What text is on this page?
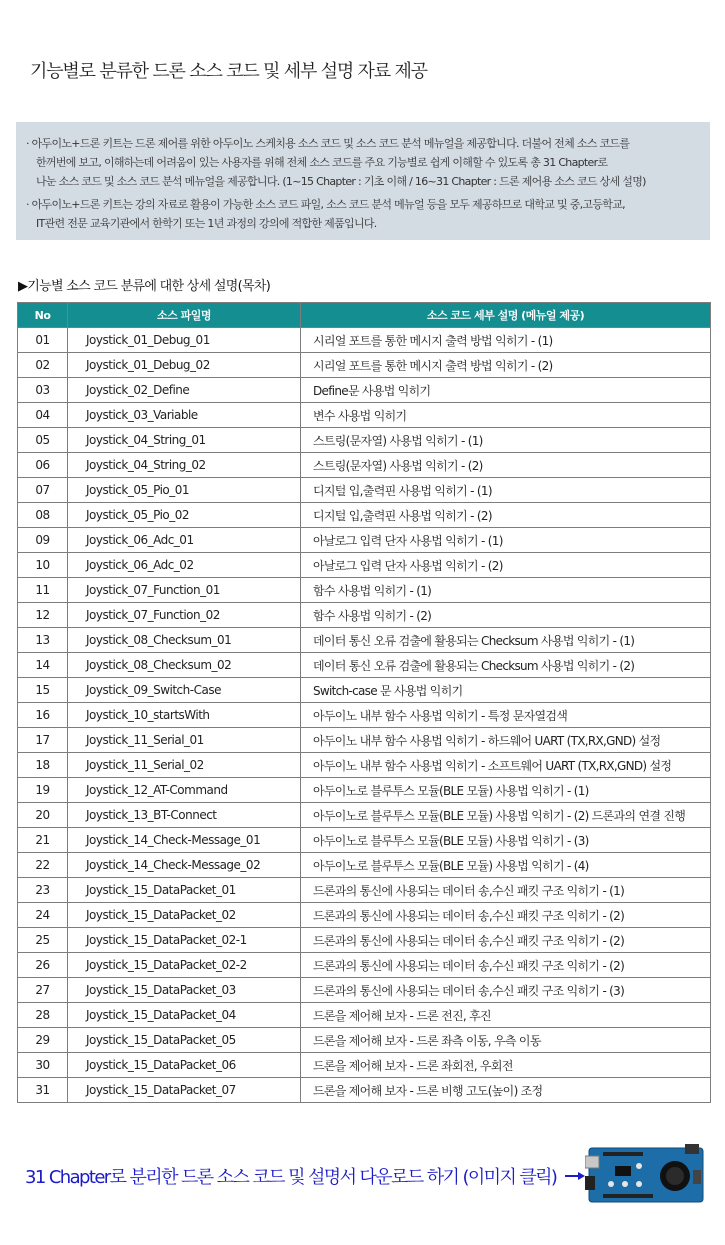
기능별로 분류한 드론 소스 코드 및 세부 설명 자료 제공

· 아두이노+드론 키트는 드론 제어를 위한 아두이노 스케치용 소스 코드 및 소스 코드 분석 메뉴얼을 제공합니다. 더불어 전체 소스 코드를
한꺼번에 보고, 이해하는데 어려움이 있는 사용자를 위해 전체 소스 코드를 주요 기능별로 쉽게 이해할 수 있도록 총 31 Chapter로
나눈 소스 코드 및 소스 코드 분석 메뉴얼을 제공합니다. (1~15 Chapter : 기초 이해 / 16~31 Chapter : 드론 제어용 소스 코드 상세 설명)

· 아두이노+드론 키트는 강의 자료로 활용이 가능한 소스 코드 파일, 소스 코드 분석 메뉴얼 등을 모두 제공하므로 대학교 및 중,고등학교,
IT관련 전문 교육기관에서 한학기 또는 1년 과정의 강의에 적합한 제품입니다.

▶기능별 소스 코드 분류에 대한 상세 설명(목차)
No	소스 파일명	소스 코드 세부 설명 (메뉴얼 제공)
01	Joystick_01_Debug_01	시리얼 포트를 통한 메시지 출력 방법 익히기 - (1)
02	Joystick_01_Debug_02	시리얼 포트를 통한 메시지 출력 방법 익히기 - (2)
03	Joystick_02_Define	Define문 사용법 익히기
04	Joystick_03_Variable	변수 사용법 익히기
05	Joystick_04_String_01	스트링(문자열) 사용법 익히기 - (1)
06	Joystick_04_String_02	스트링(문자열) 사용법 익히기 - (2)
07	Joystick_05_Pio_01	디지털 입,출력핀 사용법 익히기 - (1)
08	Joystick_05_Pio_02	디지털 입,출력핀 사용법 익히기 - (2)
09	Joystick_06_Adc_01	아날로그 입력 단자 사용법 익히기 - (1)
10	Joystick_06_Adc_02	아날로그 입력 단자 사용법 익히기 - (2)
11	Joystick_07_Function_01	함수 사용법 익히기 - (1)
12	Joystick_07_Function_02	함수 사용법 익히기 - (2)
13	Joystick_08_Checksum_01	데이터 통신 오류 검출에 활용되는 Checksum 사용법 익히기 - (1)
14	Joystick_08_Checksum_02	데이터 통신 오류 검출에 활용되는 Checksum 사용법 익히기 - (2)
15	Joystick_09_Switch-Case	Switch-case 문 사용법 익히기
16	Joystick_10_startsWith	아두이노 내부 함수 사용법 익히기 - 특정 문자열검색
17	Joystick_11_Serial_01	아두이노 내부 함수 사용법 익히기 - 하드웨어 UART (TX,RX,GND) 설정
18	Joystick_11_Serial_02	아두이노 내부 함수 사용법 익히기 - 소프트웨어 UART (TX,RX,GND) 설정
19	Joystick_12_AT-Command	아두이노로 블루투스 모듈(BLE 모듈) 사용법 익히기 - (1)
20	Joystick_13_BT-Connect	아두이노로 블루투스 모듈(BLE 모듈) 사용법 익히기 - (2) 드론과의 연결 진행
21	Joystick_14_Check-Message_01	아두이노로 블루투스 모듈(BLE 모듈) 사용법 익히기 - (3)
22	Joystick_14_Check-Message_02	아두이노로 블루투스 모듈(BLE 모듈) 사용법 익히기 - (4)
23	Joystick_15_DataPacket_01	드론과의 통신에 사용되는 데이터 송,수신 패킷 구조 익히기 - (1)
24	Joystick_15_DataPacket_02	드론과의 통신에 사용되는 데이터 송,수신 패킷 구조 익히기 - (2)
25	Joystick_15_DataPacket_02-1	드론과의 통신에 사용되는 데이터 송,수신 패킷 구조 익히기 - (2)
26	Joystick_15_DataPacket_02-2	드론과의 통신에 사용되는 데이터 송,수신 패킷 구조 익히기 - (2)
27	Joystick_15_DataPacket_03	드론과의 통신에 사용되는 데이터 송,수신 패킷 구조 익히기 - (3)
28	Joystick_15_DataPacket_04	드론을 제어해 보자 - 드론 전진, 후진
29	Joystick_15_DataPacket_05	드론을 제어해 보자 - 드론 좌측 이동, 우측 이동
30	Joystick_15_DataPacket_06	드론을 제어해 보자 - 드론 좌회전, 우회전
31	Joystick_15_DataPacket_07	드론을 제어해 보자 - 드론 비행 고도(높이) 조정
31 Chapter로 분리한 드론 소스 코드 및 설명서 다운로드 하기 (이미지 클릭)
